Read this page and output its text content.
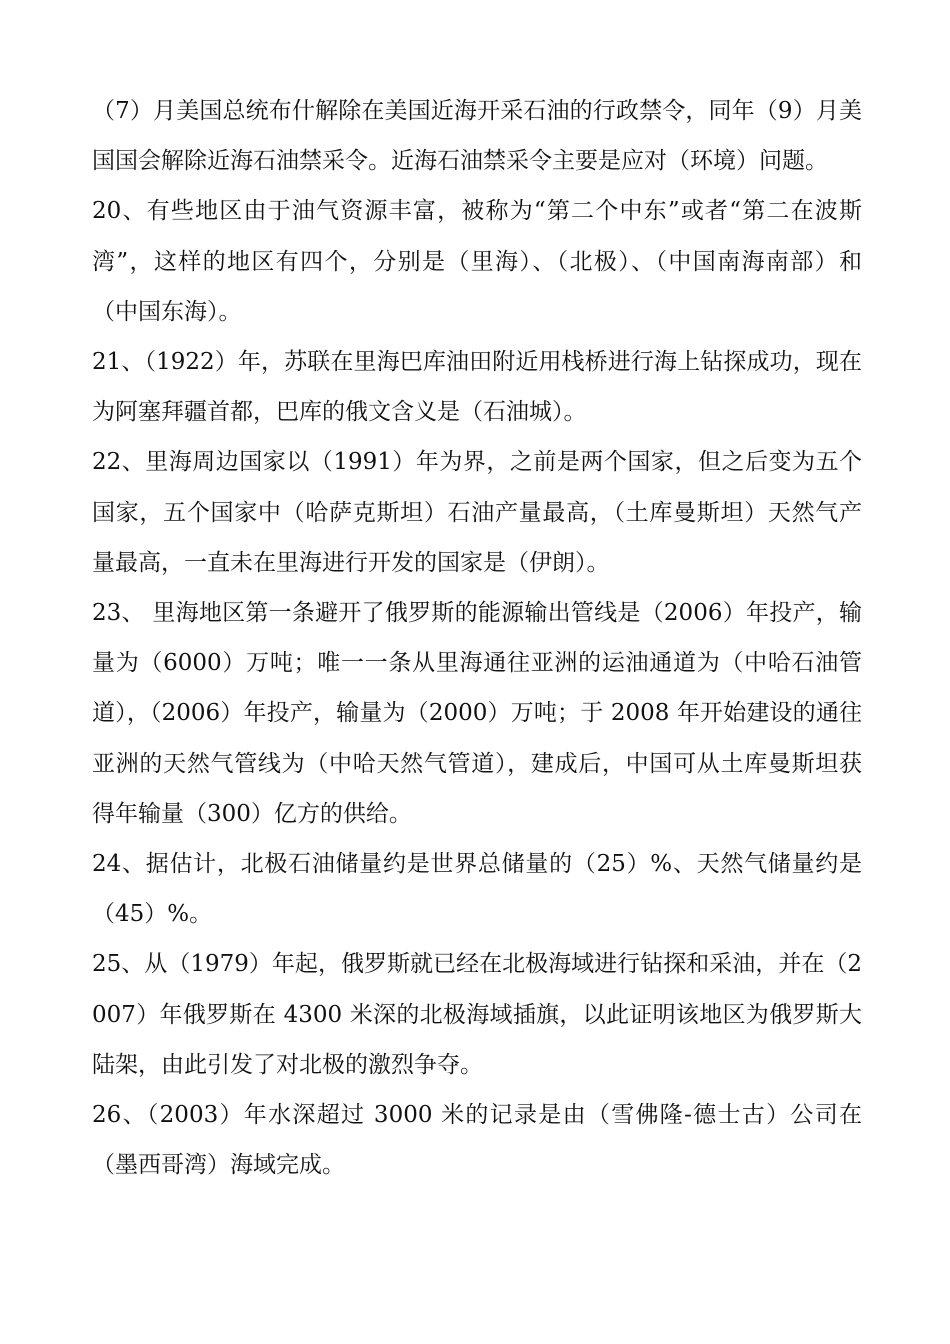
（7）月美国总统布什解除在美国近海开采石油的行政禁令，同年（9）月美国国会解除近海石油禁采令。近海石油禁采令主要是应对（环境）问题。

20、有些地区由于油气资源丰富，被称为“第二个中东”或者“第二在波斯湾”，这样的地区有四个，分别是（里海）、（北极）、（中国南海南部）和（中国东海）。

21、（1922）年，苏联在里海巴库油田附近用栈桥进行海上钻探成功，现在为阿塞拜疆首都，巴库的俄文含义是（石油城）。

22、里海周边国家以（1991）年为界，之前是两个国家，但之后变为五个国家，五个国家中（哈萨克斯坦）石油产量最高，（土库曼斯坦）天然气产量最高，一直未在里海进行开发的国家是（伊朗）。

23、 里海地区第一条避开了俄罗斯的能源输出管线是（2006）年投产，输量为（6000）万吨；唯一一条从里海通往亚洲的运油通道为（中哈石油管道），（2006）年投产，输量为（2000）万吨；于 2008 年开始建设的通往亚洲的天然气管线为（中哈天然气管道），建成后，中国可从土库曼斯坦获得年输量（300）亿方的供给。

24、据估计，北极石油储量约是世界总储量的（25）%、天然气储量约是（45）%。

25、从（1979）年起，俄罗斯就已经在北极海域进行钻探和采油，并在（2007）年俄罗斯在 4300 米深的北极海域插旗，以此证明该地区为俄罗斯大陆架，由此引发了对北极的激烈争夺。

26、（2003）年水深超过 3000 米的记录是由（雪佛隆-德士古）公司在（墨西哥湾）海域完成。
